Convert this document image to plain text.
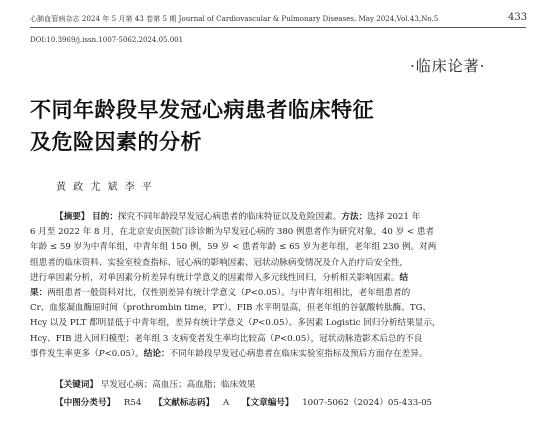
心肺血管病杂志 2024 年 5 月第 43 卷第 5 期 Journal of Cardiovascular & Pulmonary Diseases, May 2024,Vol.43,No.5	433
DOI:10.3969/j.issn.1007-5062.2024.05.001
·临床论著·
不同年龄段早发冠心病患者临床特征
及危险因素的分析
黄 政 尤 斌 李 平
【摘要】 目的：探究不同年龄段早发冠心病患者的临床特征以及危险因素。方法：选择 2021 年
6 月至 2022 年 8 月，在北京安贞医院门诊诊断为早发冠心病的 380 例患者作为研究对象，40 岁 < 患者
年龄 ≤ 59 岁为中青年组，中青年组 150 例，59 岁 < 患者年龄 ≤ 65 岁为老年组，老年组 230 例。对两
组患者的临床资料、实验室检查指标、冠心病的影响因素、冠状动脉病变情况及介入治疗后安全性，
进行单因素分析，对单因素分析差异有统计学意义的因素带入多元线性回归，分析相关影响因素。结
果：两组患者一般资料对比，仅性别差异有统计学意义（P<0.05）。与中青年组相比，老年组患者的
Cr、血浆凝血酶原时间（prothrombin time，PT）、FIB 水平明显高，但老年组的谷氨酸转肽酶、TG、
Hcy 以及 PLT 都明显低于中青年组，差异有统计学意义（P<0.05）。多因素 Logistic 回归分析结果显示，
Hcy、FIB 进入回归模型；老年组 3 支病变者发生率均比较高（P<0.05），冠状动脉造影术后总的不良
事件发生率更多（P<0.05）。结论：不同年龄段早发冠心病患者在临床实验室指标及预后方面存在差异。
【关键词】 早发冠心病；高血压；高血脂；临床效果
【中图分类号】 R54 【文献标志码】 A 【文章编号】 1007-5062（2024）05-433-05
